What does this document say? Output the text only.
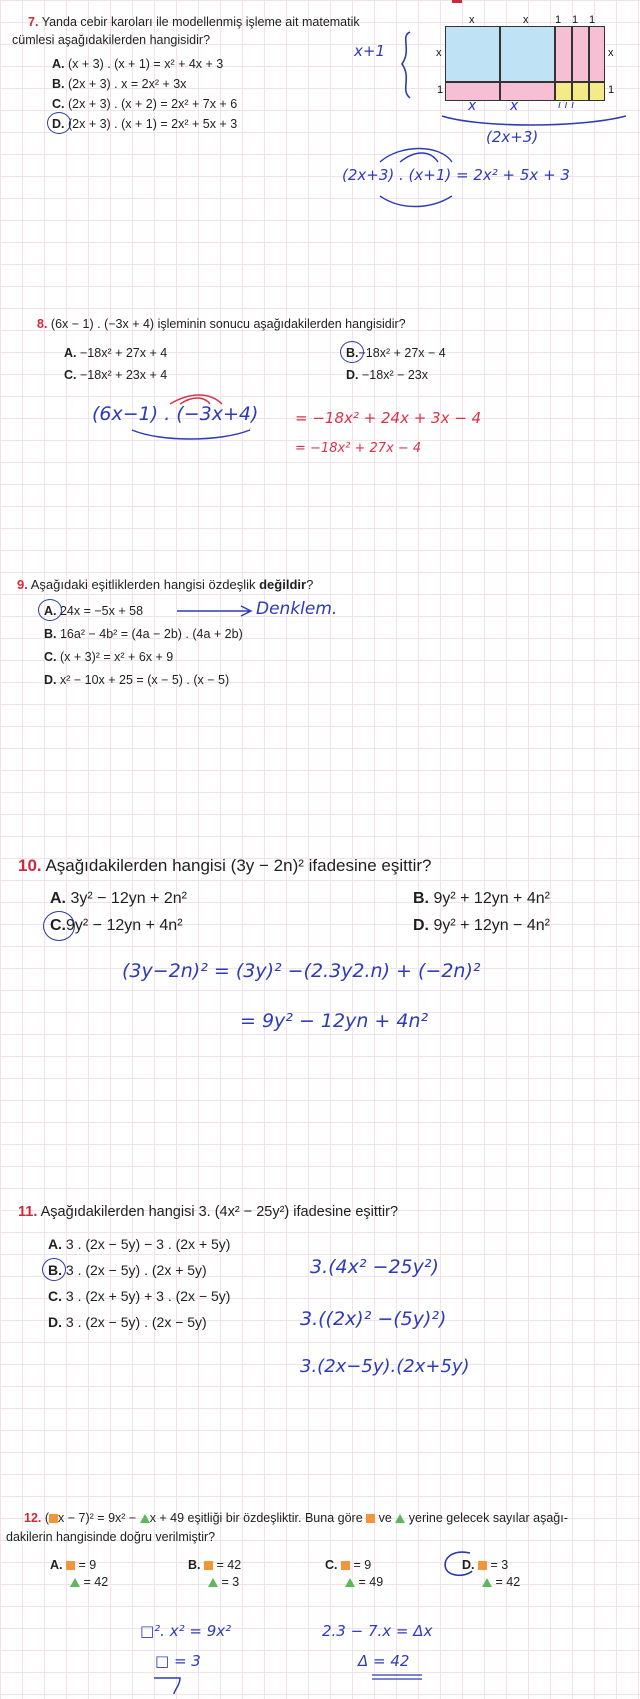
7. Yanda cebir karoları ile modellenmiş işleme ait matematik

cümlesi aşağıdakilerden hangisidir?
A. (x + 3) . (x + 1) = x² + 4x + 3
B. (2x + 3) . x = 2x² + 3x
C. (2x + 3) . (x + 2) = 2x² + 7x + 6
D. (2x + 3) . (x + 1) = 2x² + 5x + 3
x	x 1 1 1
x
1
x
1
x+1
x x	ı ı ı
(2x+3)
(2x+3) . (x+1) = 2x² + 5x + 3
8. (6x − 1) . (−3x + 4) işleminin sonucu aşağıdakilerden hangisidir?
A. −18x² + 27x + 4	B.−18x² + 27x − 4
C. −18x² + 23x + 4	D. −18x² − 23x
(6x−1) . (−3x+4) = −18x² + 24x + 3x − 4
= −18x² + 27x − 4
9. Aşağıdaki eşitliklerden hangisi özdeşlik değildir?
A. 24x = −5x + 58	Denklem.
B. 16a² − 4b² = (4a − 2b) . (4a + 2b)
C. (x + 3)² = x² + 6x + 9
D. x² − 10x + 25 = (x − 5) . (x − 5)
10. Aşağıdakilerden hangisi (3y − 2n)² ifadesine eşittir?
A. 3y² − 12yn + 2n²	B. 9y² + 12yn + 4n²
C.9y² − 12yn + 4n²	D. 9y² + 12yn − 4n²
(3y−2n)² = (3y)² −(2.3y2.n) + (−2n)²
= 9y² − 12yn + 4n²
11. Aşağıdakilerden hangisi 3. (4x² − 25y²) ifadesine eşittir?
A. 3 . (2x − 5y) − 3 . (2x + 5y)
B. 3 . (2x − 5y) . (2x + 5y)
C. 3 . (2x + 5y) + 3 . (2x − 5y)
D. 3 . (2x − 5y) . (2x − 5y)
3.(4x² −25y²)
3.((2x)² −(5y)²)
3.(2x−5y).(2x+5y)
12. ( x − 7)² = 9x² − x + 49 eşitliği bir özdeşliktir. Buna göre  ve  yerine gelecek sayılar aşağı-
dakilerin hangisinde doğru verilmiştir?
A. = 9
= 42
B. = 42
= 3
C. = 9
= 49
D. = 3
= 42
□². x² = 9x²
□ = 3
2.3 − 7.x = Δx
Δ = 42
